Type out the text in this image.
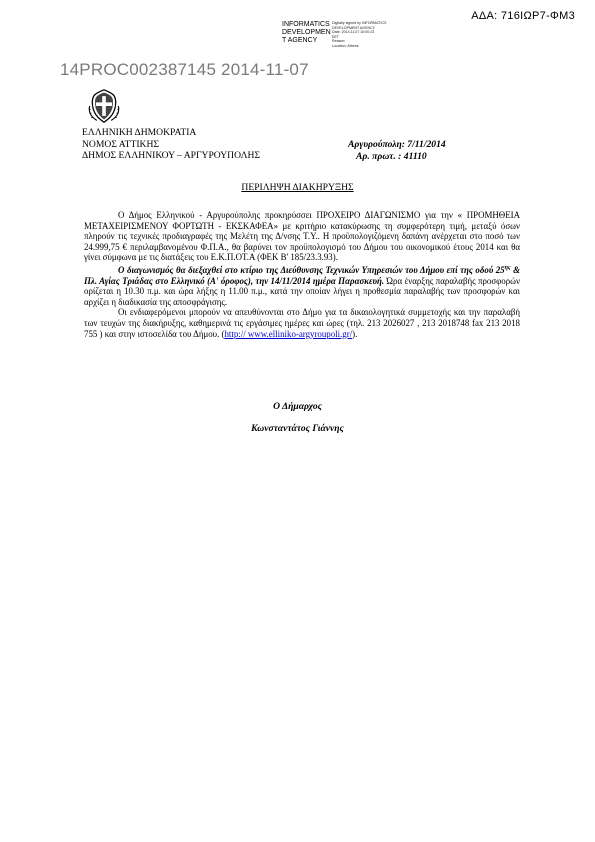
ΑΔΑ: 716ΙΩΡ7-ΦΜ3
INFORMATICS
DEVELOPMEN
T AGENCY
Digitally signed by INFORMATICS
DEVELOPMENT AGENCY
Date: 2014.11.07 10:00:23
EET
Reason:
Location: Athens
14PROC002387145 2014-11-07
ΕΛΛΗΝΙΚΗ ΔΗΜΟΚΡΑΤΙΑ
ΝΟΜΟΣ ΑΤΤΙΚΗΣ
ΔΗΜΟΣ ΕΛΛΗΝΙΚΟΥ – ΑΡΓΥΡΟΥΠΟΛΗΣ
Αργυρούπολη: 7/11/2014
Αρ. πρωτ. : 41110
ΠΕΡΙΛΗΨΗ ΔΙΑΚΗΡΥΞΗΣ

Ο Δήμος Ελληνικού - Αργυρούπολης προκηρύσσει ΠΡΟΧΕΙΡΟ ΔΙΑΓΩΝΙΣΜΟ για την « ΠΡΟΜΗΘΕΙΑ ΜΕΤΑΧΕΙΡΙΣΜΕΝΟΥ ΦΟΡΤΩΤΗ - ΕΚΣΚΑΦΕΑ» με κριτήριο κατακύρωσης τη συμφερότερη τιμή, μεταξύ όσων πληρούν τις τεχνικές προδιαγραφές της Μελέτη της Δ/νσης Τ.Υ.. Η προϋπολογιζόμενη δαπάνη ανέρχεται στο ποσό των 24.999,75 € περιλαμβανομένου Φ.Π.Α., θα βαρύνει τον προϋπολογισμό του Δήμου του οικονομικού έτους 2014 και θα γίνει σύμφωνα με τις διατάξεις του Ε.Κ.Π.ΟΤ.Α (ΦΕΚ Β' 185/23.3.93).

Ο διαγωνισμός θα διεξαχθεί στο κτίριο της Διεύθυνσης Τεχνικών Υπηρεσιών του Δήμου επί της οδού $25^{\eta\varsigma}$ & Πλ. Αγίας Τριάδας στο Ελληνικό (Α' όροφος), την 14/11/2014 ημέρα Παρασκευή. Ώρα έναρξης παραλαβής προσφορών ορίζεται η 10.30 π.μ. και ώρα λήξης η 11.00 π.μ., κατά την οποίαν λήγει η προθεσμία παραλαβής των προσφορών και αρχίζει η διαδικασία της αποσφράγισης.

Οι ενδιαφερόμενοι μπορούν να απευθύνονται στο Δήμο για τα δικαιολογητικά συμμετοχής και την παραλαβή των τευχών της διακήρυξης, καθημερινά τις εργάσιμες ημέρες και ώρες (τηλ. 213 2026027 , 213 2018748 fax 213 2018 755 ) και στην ιστοσελίδα του Δήμου. (http:// www.elliniko-argyroupoli.gr/).

Ο Δήμαρχος
Κωνσταντάτος Γιάννης
